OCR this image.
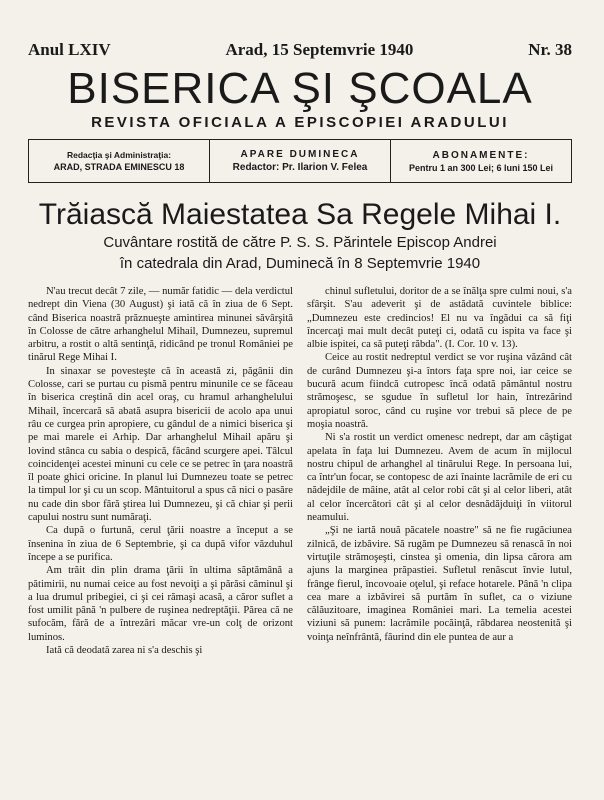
Anul LXIV	Arad, 15 Septemvrie 1940	Nr. 38
BISERICA ŞI ŞCOALA
REVISTA OFICIALA A EPISCOPIEI ARADULUI
Redacţia şi Administraţia:
ARAD, STRADA EMINESCU 18
APARE DUMINECA
Redactor: Pr. Ilarion V. Felea
ABONAMENTE:
Pentru 1 an 300 Lei; 6 luni 150 Lei
Trăiască Maiestatea Sa Regele Mihai I.
Cuvântare rostită de către P. S. S. Părintele Episcop Andrei
în catedrala din Arad, Duminecă în 8 Septemvrie 1940

N'au trecut decât 7 zile, — număr fatidic — dela verdictul nedrept din Viena (30 August) şi iată că în ziua de 6 Sept. când Biserica noastră prăznueşte amintirea minunei săvârşită în Colosse de către arhanghelul Mihail, Dumnezeu, supremul arbitru, a rostit o altă sentinţă, ridicând pe tronul României pe tinărul Rege Mihai I.

In sinaxar se povesteşte că în această zi, păgânii din Colosse, cari se purtau cu pismă pentru minunile ce se făceau în biserica creştină din acel oraş, cu hramul arhanghelului Mihail, încercară să abată asupra bisericii de acolo apa unui râu ce curgea prin apropiere, cu gândul de a nimici biserica şi pe mai marele ei Arhip. Dar arhanghelul Mihail apăru şi lovind stânca cu sabia o despică, făcând scurgere apei. Tâlcul coincidenţei acestei minuni cu cele ce se petrec în ţara noastră îl poate ghici oricine. In planul lui Dumnezeu toate se petrec la timpul lor şi cu un scop. Mântuitorul a spus că nici o pasăre nu cade din sbor fără ştirea lui Dumnezeu, şi că chiar şi perii capului nostru sunt număraţi.

Ca după o furtună, cerul ţării noastre a început a se înseninа în ziua de 6 Septembrie, şi ca după vifor văzduhul începe a se purifica.

Am trăit din plin drama ţării în ultima săptămână a pătimirii, nu numai ceice au fost nevoiţi a şi părăsi căminul şi a lua drumul pribegiei, ci şi cei rămaşi acasă, a căror suflet a fost umilit până 'n pulbere de ruşinea nedreptăţii. Părea că ne sufocăm, fără de a întrezări măcar vre-un colţ de orizont luminos.

Iată că deodată zarea ni s'a deschis şi

chinul sufletului, doritor de a se înălţa spre culmi noui, s'a sfârşit. S'au adeverit şi de astădată cuvintele biblice: „Dumnezeu este credincios! El nu va îngădui ca să fiţi încercaţi mai mult decât puteţi ci, odată cu ispita va face şi albie ispitei, ca să puteţi răbda". (I. Cor. 10 v. 13).

Ceice au rostit nedreptul verdict se vor ruşina văzând cât de curând Dumnezeu şi-a întors faţa spre noi, iar ceice se bucură acum fiindcă cutropesc încă odată pământul nostru strămoşesc, se sgudue în sufletul lor hain, întrezărind apropiatul soroc, când cu ruşine vor trebui să plece de pe moşia noastră.

Ni s'a rostit un verdict omenesc nedrept, dar am câştigat apelata în faţa lui Dumnezeu. Avem de acum în mijlocul nostru chipul de arhanghel al tinărului Rege. In persoana lui, ca într'un focar, se contopesc de azi înainte lacrămile de eri cu nădejdile de mâine, atât al celor robi cât şi al celor liberi, atât al celor încercători cât şi al celor desnădăjduiţi în viitorul neamului.

„Şi ne iartă nouă păcatele noastre" să ne fie rugăciunea zilnică, de izbăvire. Să rugăm pe Dumnezeu să renască în noi virtuţile strămoşeşti, cinstea şi omenia, din lipsa cărora am ajuns la marginea prăpastiei. Sufletul renăscut învie lutul, frânge fierul, încovoaie oţelul, şi reface hotarele. Până 'n clipa cea mare a izbăvirei să purtăm în suflet, ca o viziune călăuzitoare, imaginea României mari. La temelia acestei viziuni să punem: lacrămile pocăinţă, răbdarea neostenită şi voinţa neînfrântă, făurind din ele puntea de aur a
